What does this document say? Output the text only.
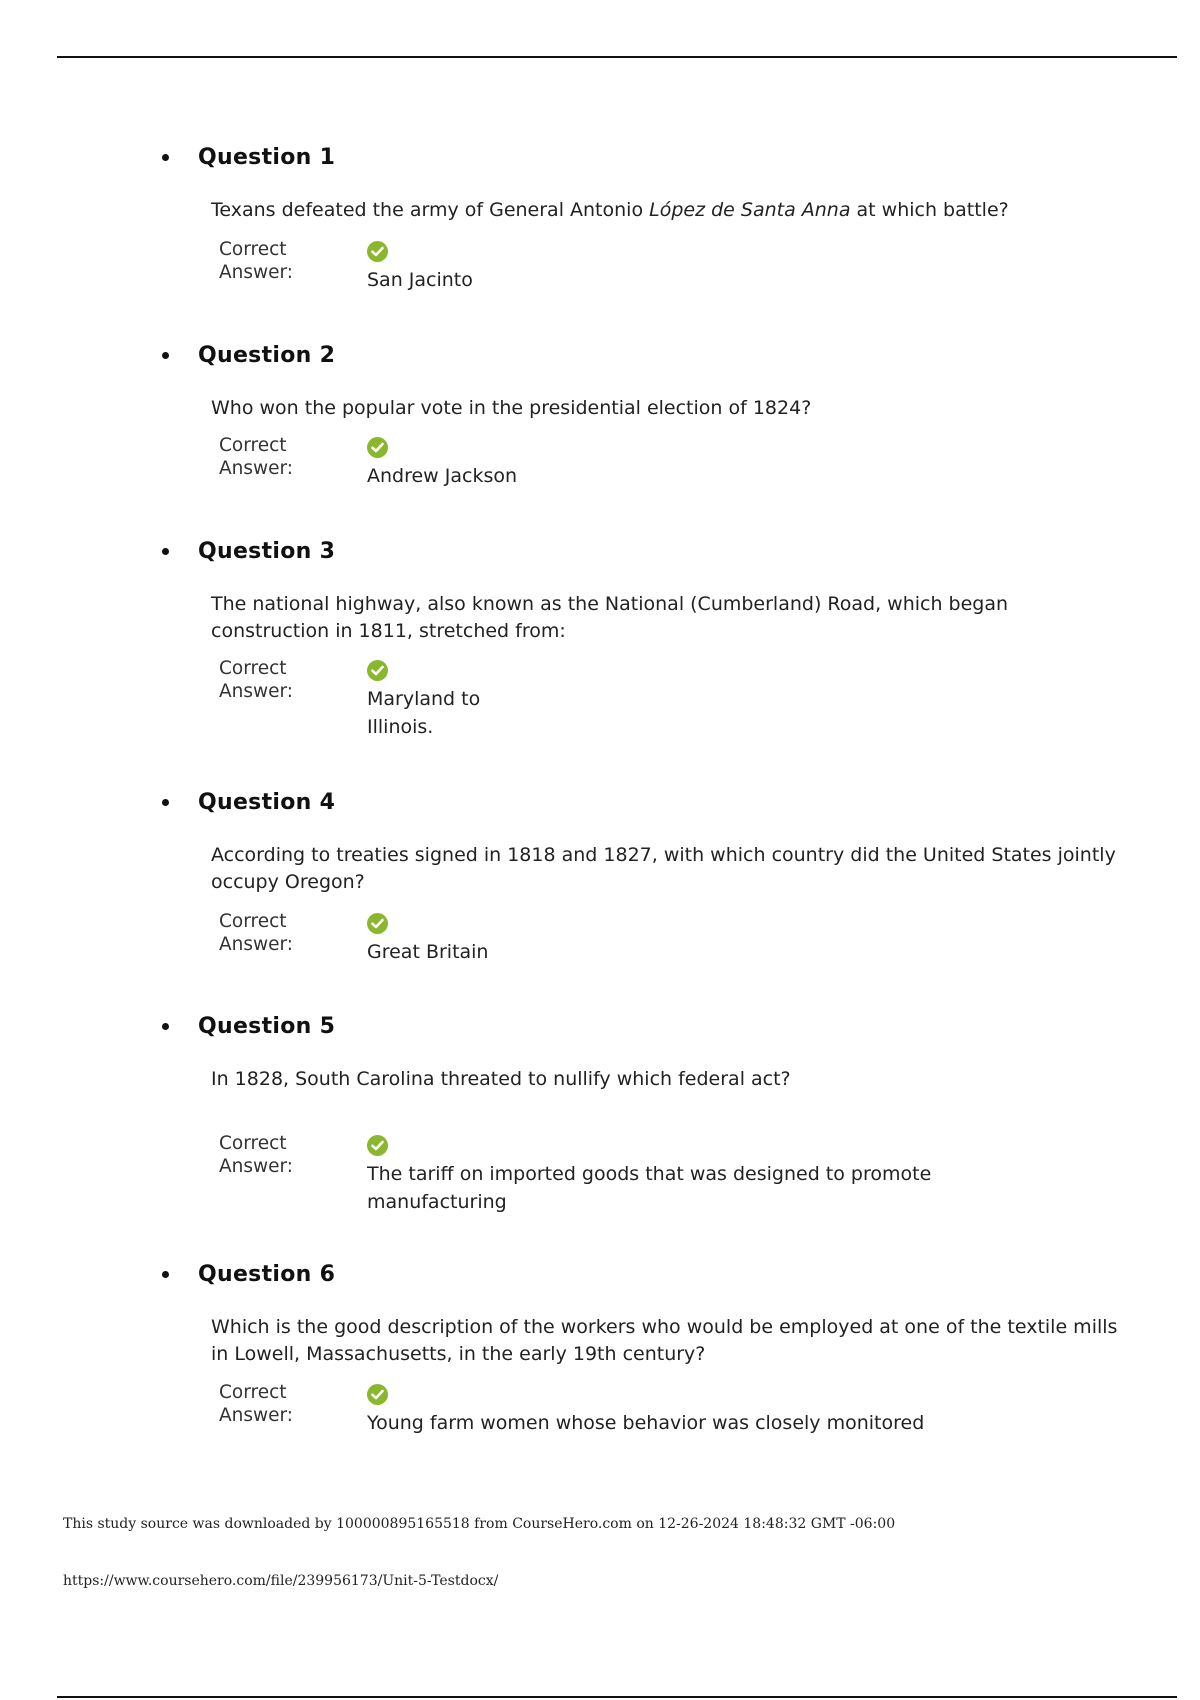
Question 1
Texans defeated the army of General Antonio López de Santa Anna at which battle?
Correct Answer:	San Jacinto
Question 2
Who won the popular vote in the presidential election of 1824?
Correct Answer:	Andrew Jackson
Question 3
The national highway, also known as the National (Cumberland) Road, which began construction in 1811, stretched from:
Correct Answer:	Maryland to Illinois.
Question 4
According to treaties signed in 1818 and 1827, with which country did the United States jointly occupy Oregon?
Correct Answer:	Great Britain
Question 5
In 1828, South Carolina threated to nullify which federal act?
Correct Answer:	The tariff on imported goods that was designed to promote manufacturing
Question 6
Which is the good description of the workers who would be employed at one of the textile mills in Lowell, Massachusetts, in the early 19th century?
Correct Answer:	Young farm women whose behavior was closely monitored
This study source was downloaded by 100000895165518 from CourseHero.com on 12-26-2024 18:48:32 GMT -06:00
https://www.coursehero.com/file/239956173/Unit-5-Testdocx/
